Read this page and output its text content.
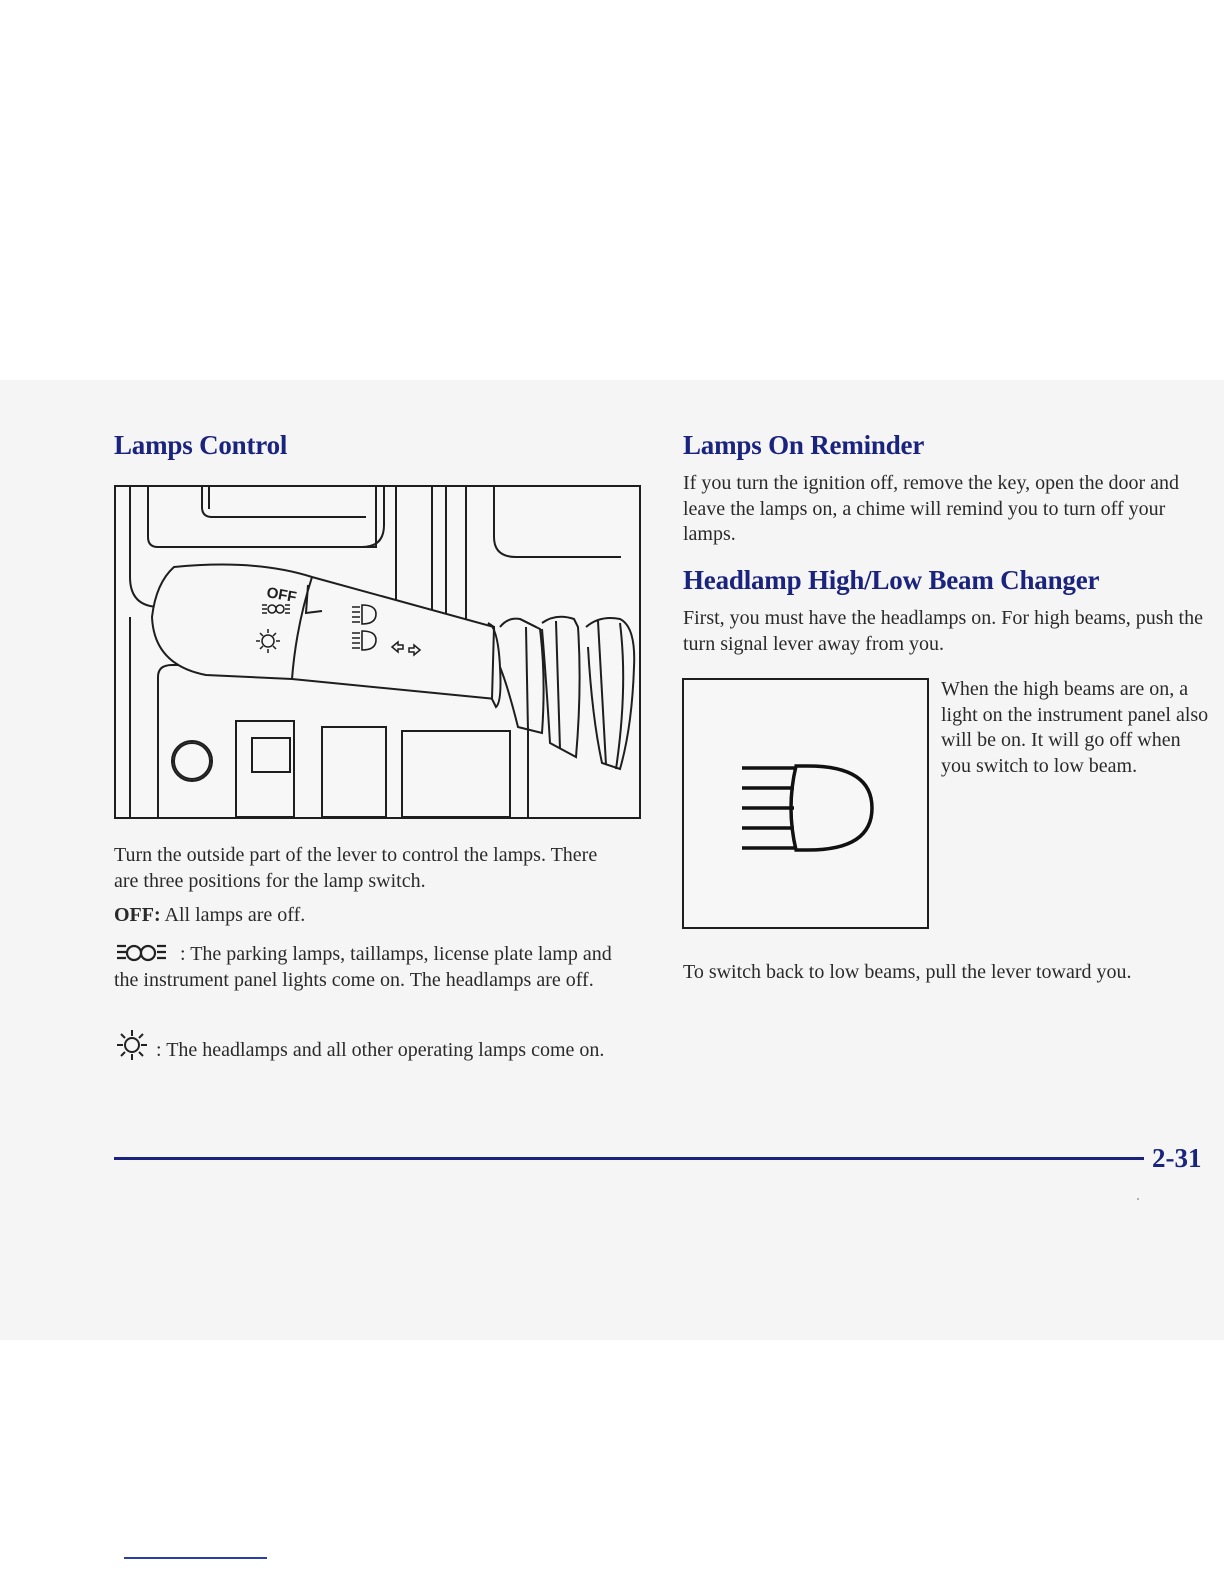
Lamps Control
OFF

Turn the outside part of the lever to control the lamps. There are three positions for the lamp switch.

OFF: All lamps are off.

: The parking lamps, taillamps, license plate lamp and the instrument panel lights come on. The headlamps are off.

: The headlamps and all other operating lamps come on.

Lamps On Reminder

If you turn the ignition off, remove the key, open the door and leave the lamps on, a chime will remind you to turn off your lamps.

Headlamp High/Low Beam Changer

First, you must have the headlamps on. For high beams, push the turn signal lever away from you.

When the high beams are on, a light on the instrument panel also will be on. It will go off when you switch to low beam.

To switch back to low beams, pull the lever toward you.

2-31
